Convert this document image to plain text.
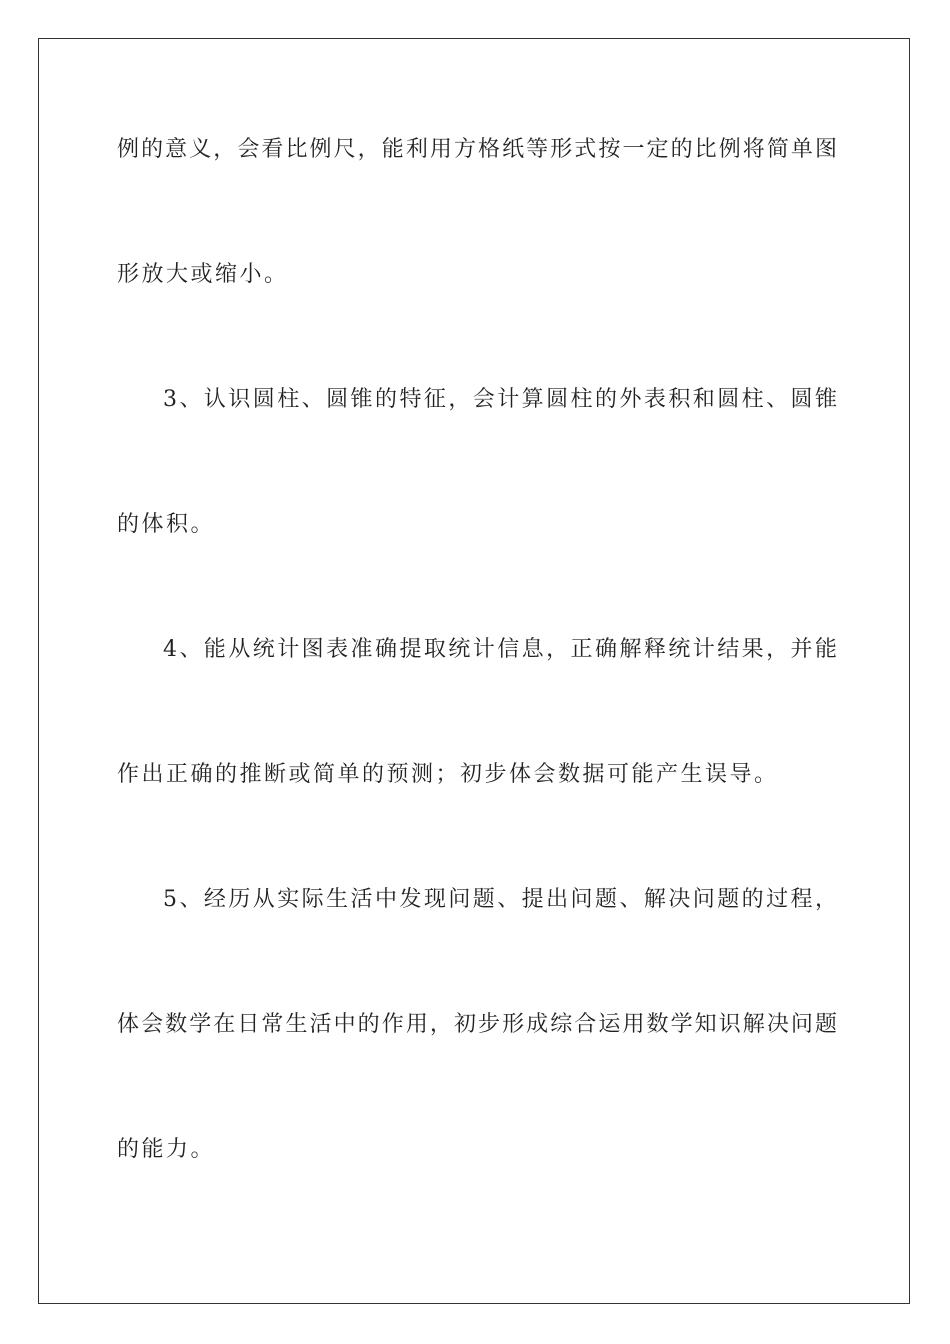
例的意义，会看比例尺，能利用方格纸等形式按一定的比例将简单图
形放大或缩小。
3、认识圆柱、圆锥的特征，会计算圆柱的外表积和圆柱、圆锥
的体积。
4、能从统计图表准确提取统计信息，正确解释统计结果，并能
作出正确的推断或简单的预测；初步体会数据可能产生误导。
5、经历从实际生活中发现问题、提出问题、解决问题的过程，
体会数学在日常生活中的作用，初步形成综合运用数学知识解决问题
的能力。
